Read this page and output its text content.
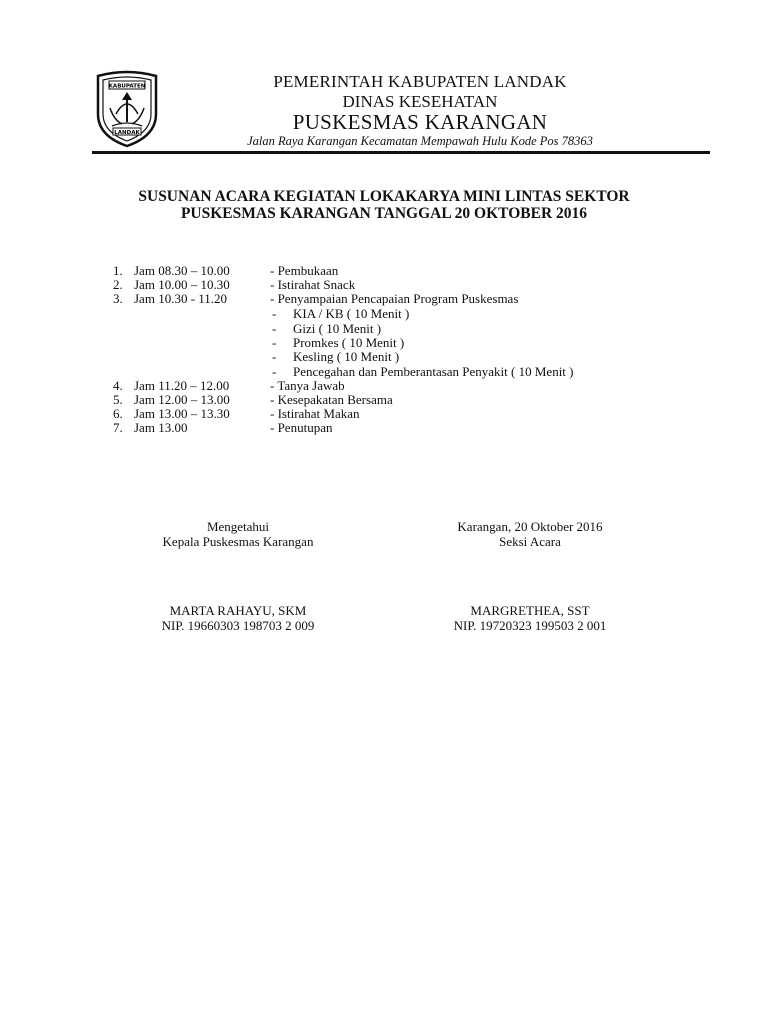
KABUPATEN
LANDAK
PEMERINTAH KABUPATEN LANDAK
DINAS KESEHATAN
PUSKESMAS KARANGAN
Jalan Raya Karangan Kecamatan Mempawah Hulu Kode Pos 78363
SUSUNAN ACARA KEGIATAN LOKAKARYA MINI LINTAS SEKTOR
PUSKESMAS KARANGAN TANGGAL 20 OKTOBER 2016
1. Jam 08.30 – 10.00	- Pembukaan
2. Jam 10.00 – 10.30	- Istirahat Snack
3. Jam 10.30 - 11.20	- Penyampaian Pencapaian Program Puskesmas
- KIA / KB ( 10 Menit )
- Gizi ( 10 Menit )
- Promkes ( 10 Menit )
- Kesling ( 10 Menit )
- Pencegahan dan Pemberantasan Penyakit ( 10 Menit )
4. Jam 11.20 – 12.00	- Tanya Jawab
5. Jam 12.00 – 13.00	- Kesepakatan Bersama
6. Jam 13.00 – 13.30	- Istirahat Makan
7. Jam 13.00	- Penutupan
Mengetahui
Kepala Puskesmas Karangan
Karangan, 20 Oktober 2016
Seksi Acara
MARTA RAHAYU, SKM
NIP. 19660303 198703 2 009
MARGRETHEA, SST
NIP. 19720323 199503 2 001
